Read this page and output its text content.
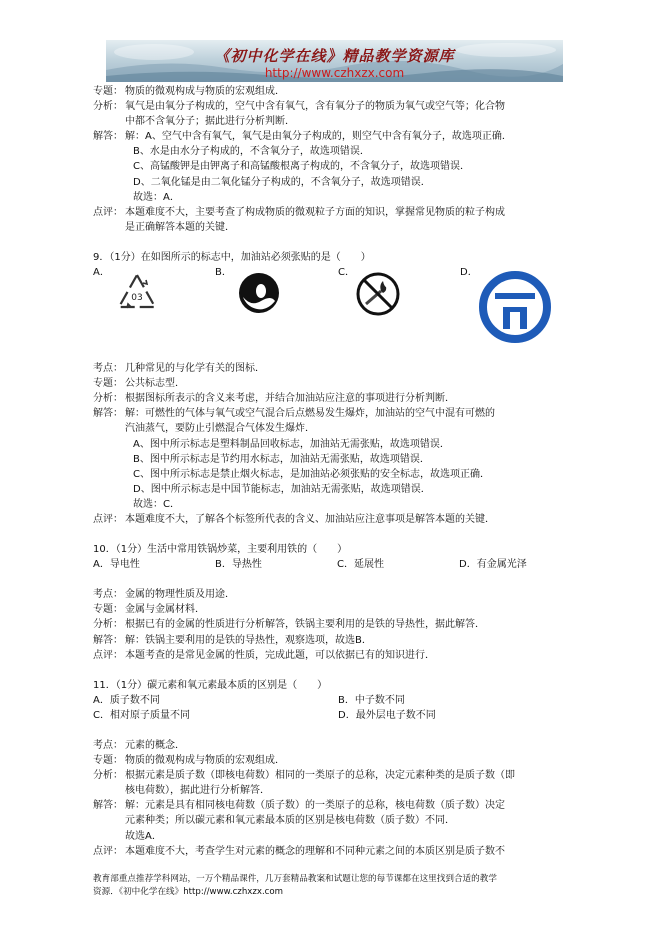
《初中化学在线》精品教学资源库
http://www.czhxzx.com
专题： 物质的微观构成与物质的宏观组成．
分析： 氧气是由氧分子构成的，空气中含有氧气，含有氧分子的物质为氧气或空气等；化合物
中都不含氧分子；据此进行分析判断．
解答： 解：A、空气中含有氧气，氧气是由氧分子构成的，则空气中含有氧分子，故选项正确．
B、水是由水分子构成的，不含氧分子，故选项错误．
C、高锰酸钾是由钾离子和高锰酸根离子构成的，不含氧分子，故选项错误．
D、二氧化锰是由二氧化锰分子构成的，不含氧分子，故选项错误．
故选：A．
点评： 本题难度不大，主要考查了构成物质的微观粒子方面的知识，掌握常见物质的粒子构成
是正确解答本题的关键．
9．（1分）在如图所示的标志中，加油站必须张贴的是（　　）
A．
03
B．	C．	D．
考点： 几种常见的与化学有关的图标．
专题： 公共标志型．
分析： 根据图标所表示的含义来考虑，并结合加油站应注意的事项进行分析判断．
解答： 解：可燃性的气体与氧气或空气混合后点燃易发生爆炸，加油站的空气中混有可燃的
汽油蒸气，要防止引燃混合气体发生爆炸．
A、图中所示标志是塑料制品回收标志，加油站无需张贴，故选项错误．
B、图中所示标志是节约用水标志，加油站无需张贴，故选项错误．
C、图中所示标志是禁止烟火标志，是加油站必须张贴的安全标志，故选项正确．
D、图中所示标志是中国节能标志，加油站无需张贴，故选项错误．
故选：C．
点评： 本题难度不大，了解各个标签所代表的含义、加油站应注意事项是解答本题的关键．
10．（1分）生活中常用铁锅炒菜，主要利用铁的（　　）
A．导电性	B．导热性	C．延展性	D．有金属光泽
考点： 金属的物理性质及用途．
专题： 金属与金属材料．
分析： 根据已有的金属的性质进行分析解答，铁锅主要利用的是铁的导热性，据此解答．
解答： 解：铁锅主要利用的是铁的导热性，观察选项，故选B．
点评： 本题考查的是常见金属的性质，完成此题，可以依据已有的知识进行．
11．（1分）碳元素和氧元素最本质的区别是（　　）
A．质子数不同	B．中子数不同
C．相对原子质量不同	D．最外层电子数不同
考点： 元素的概念．
专题： 物质的微观构成与物质的宏观组成．
分析： 根据元素是质子数（即核电荷数）相同的一类原子的总称，决定元素种类的是质子数（即
核电荷数），据此进行分析解答．
解答： 解：元素是具有相同核电荷数（质子数）的一类原子的总称，核电荷数（质子数）决定
元素种类；所以碳元素和氧元素最本质的区别是核电荷数（质子数）不同．
故选A．
点评： 本题难度不大，考查学生对元素的概念的理解和不同种元素之间的本质区别是质子数不
教育部重点推荐学科网站，一万个精品课件，几万套精品教案和试题让您的每节课都在这里找到合适的教学
资源．《初中化学在线》http://www.czhxzx.com
